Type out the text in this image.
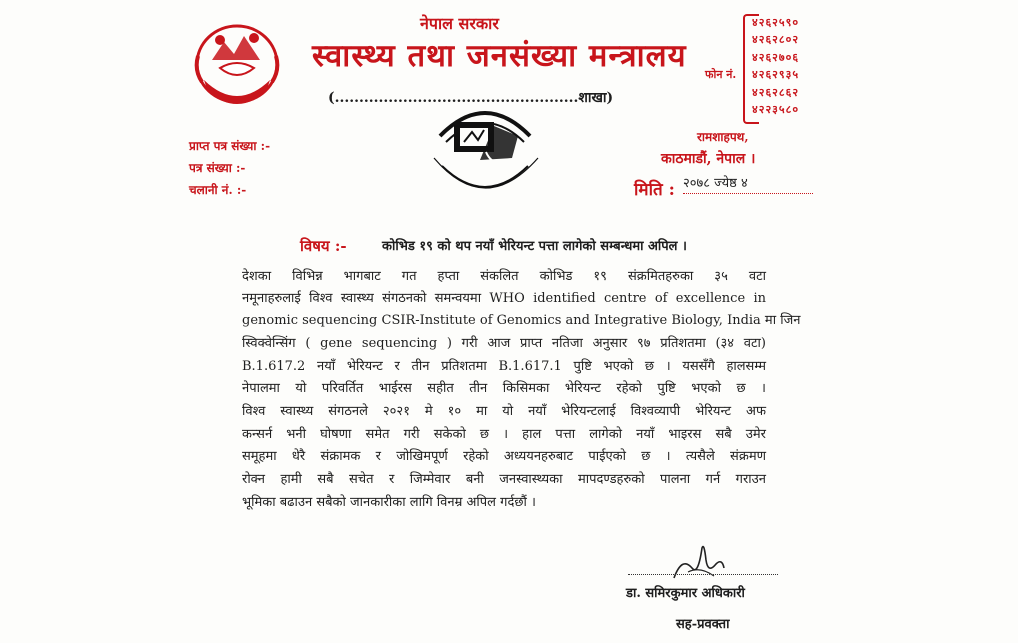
नेपाल सरकार
स्वास्थ्य तथा जनसंख्या मन्त्रालय
(..................................................शाखा)
प्राप्त पत्र संख्या :-
पत्र संख्या :-
चलानी नं. :-
फोन नं.
४२६२५९०
४२६२८०२
४२६२७०६
४२६२९३५
४२६२८६२
४२२३५८०
रामशाहपथ,
काठमाडौं, नेपाल ।
मिति : २०७८ ज्येष्ठ ४
विषय :-	कोभिड १९ को थप नयाँ भेरियन्ट पत्ता लागेको सम्बन्धमा अपिल ।
देशका विभिन्न भागबाट गत हप्ता संकलित कोभिड १९ संक्रमितहरुका ३५ वटा
नमूनाहरुलाई विश्व स्वास्थ्य संगठनको समन्वयमा WHO identified centre of excellence in
genomic sequencing CSIR-Institute of Genomics and Integrative Biology, India मा जिन
स्विक्वेन्सिंग ( gene sequencing ) गरी आज प्राप्त नतिजा अनुसार ९७ प्रतिशतमा (३४ वटा)
B.1.617.2 नयाँ भेरियन्ट र तीन प्रतिशतमा B.1.617.1 पुष्टि भएको छ । यससँगै हालसम्म
नेपालमा यो परिवर्तित भाईरस सहीत तीन किसिमका भेरियन्ट रहेको पुष्टि भएको छ ।
विश्व स्वास्थ्य संगठनले २०२१ मे १० मा यो नयाँ भेरियन्टलाई विश्वव्यापी भेरियन्ट अफ
कन्सर्न भनी घोषणा समेत गरी सकेको छ । हाल पत्ता लागेको नयाँ भाइरस सबै उमेर
समूहमा धेरै संक्रामक र जोखिमपूर्ण रहेको अध्ययनहरुबाट पाईएको छ । त्यसैले संक्रमण
रोक्न हामी सबै सचेत र जिम्मेवार बनी जनस्वास्थ्यका मापदण्डहरुको पालना गर्न गराउन
भूमिका बढाउन सबैको जानकारीका लागि विनम्र अपिल गर्दछौं ।
डा. समिरकुमार अधिकारी
सह-प्रवक्ता
